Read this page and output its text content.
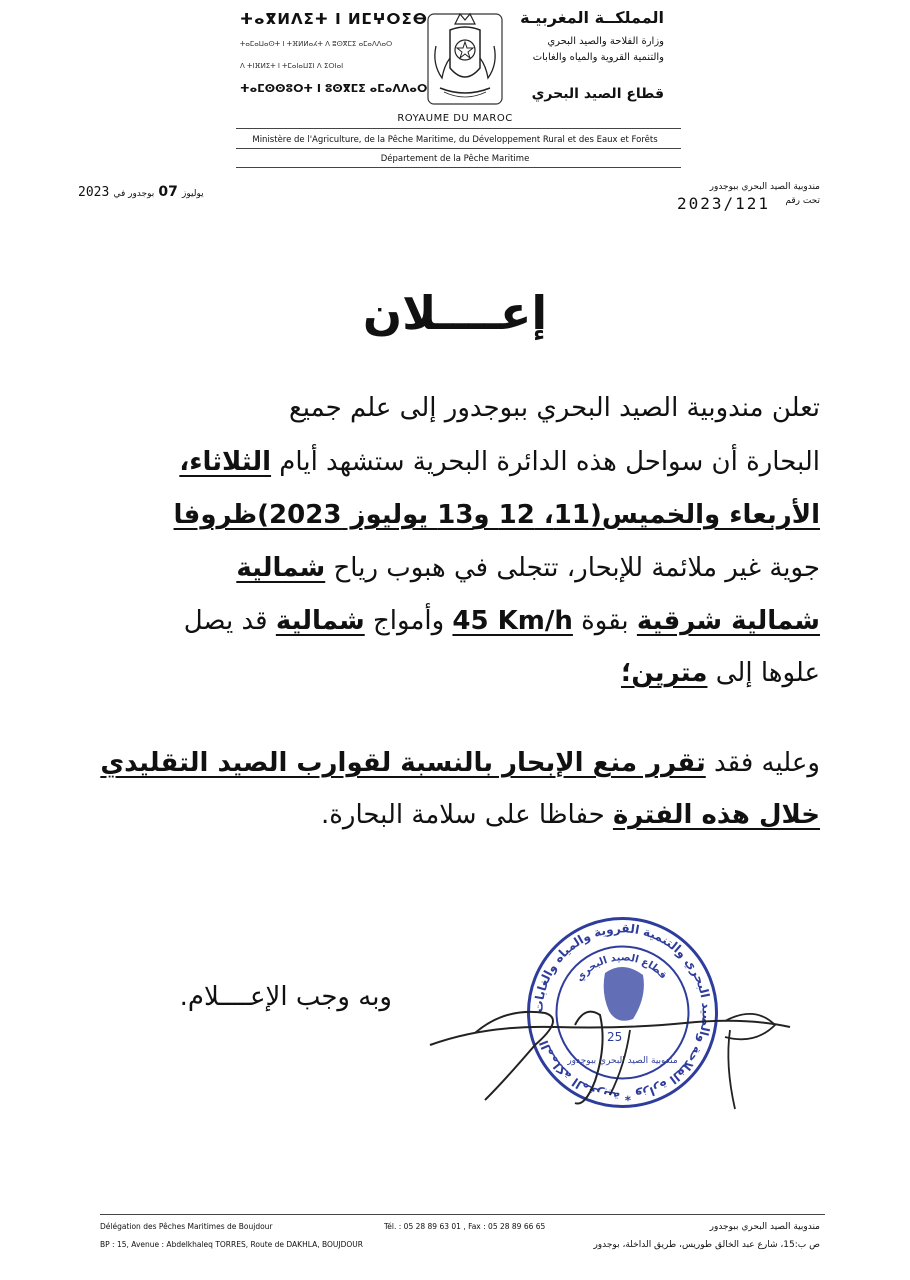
ⵜⴰⴳⵍⴷⵉⵜ ⵏ ⵍⵎⵖⵔⵉⴱ
ⵜⴰⵎⴰⵡⴰⵙⵜ ⵏ ⵜⴼⵍⵍⴰⵃⵜ ⴷ ⵓⵙⴳⵎⵉ ⴰⵎⴰⴷⴷⴰⵔ
ⴷ ⵜⵏⴼⵍⵉⵜ ⵏ ⵜⵎⴰⵏⴰⵡⵉⵏ ⴷ ⵉⵔⵏⴰⵏ
ⵜⴰⵎⵙⵙⵓⵔⵜ ⵏ ⵓⵙⴳⵎⵉ ⴰⵎⴰⴷⴷⴰⵔ
المملكــة المغربيـة
وزارة الفلاحة والصيد البحري
والتنمية القروية والمياه والغابات
قطاع الصيد البحري
ROYAUME DU MAROC
Ministère de l'Agriculture, de la Pêche Maritime, du Développement Rural et des Eaux et Forêts
Département de la Pêche Maritime
2023	يوليوز 07 بوجدور في
مندوبية الصيد البحري ببوجدور
تحت رقم
2023/121
إعــــلان
تعلن مندوبية الصيد البحري ببوجدور إلى علم جميع
البحارة أن سواحل هذه الدائرة البحرية ستشهد أيام الثلاثاء،
الأربعاء والخميس(11، 12 و13 يوليوز 2023)ظروفا
جوية غير ملائمة للإبحار، تتجلى في هبوب رياح شمالية
شمالية شرقية بقوة 45 Km/h وأمواج شمالية قد يصل
علوها إلى مترين؛
وعليه فقد تقرر منع الإبحار بالنسبة لقوارب الصيد التقليدي
خلال هذه الفترة حفاظا على سلامة البحارة.
وبه وجب الإعــــلام.	المملكة المغربية * وزارة الفلاحة والصيد البحري والتنمية القروية والمياه والغابات
قطاع الصيد البحري
مندوبية الصيد البحري ببوجدور
25
Délégation des Pêches Maritimes de Boujdour
BP : 15, Avenue : Abdelkhaleq TORRES, Route de DAKHLA, BOUJDOUR
Tél. : 05 28 89 63 01 , Fax : 05 28 89 66 65	مندوبية الصيد البحري ببوجدور
ص ب:15، شارع عبد الخالق طوريس، طريق الداخلة، بوجدور
